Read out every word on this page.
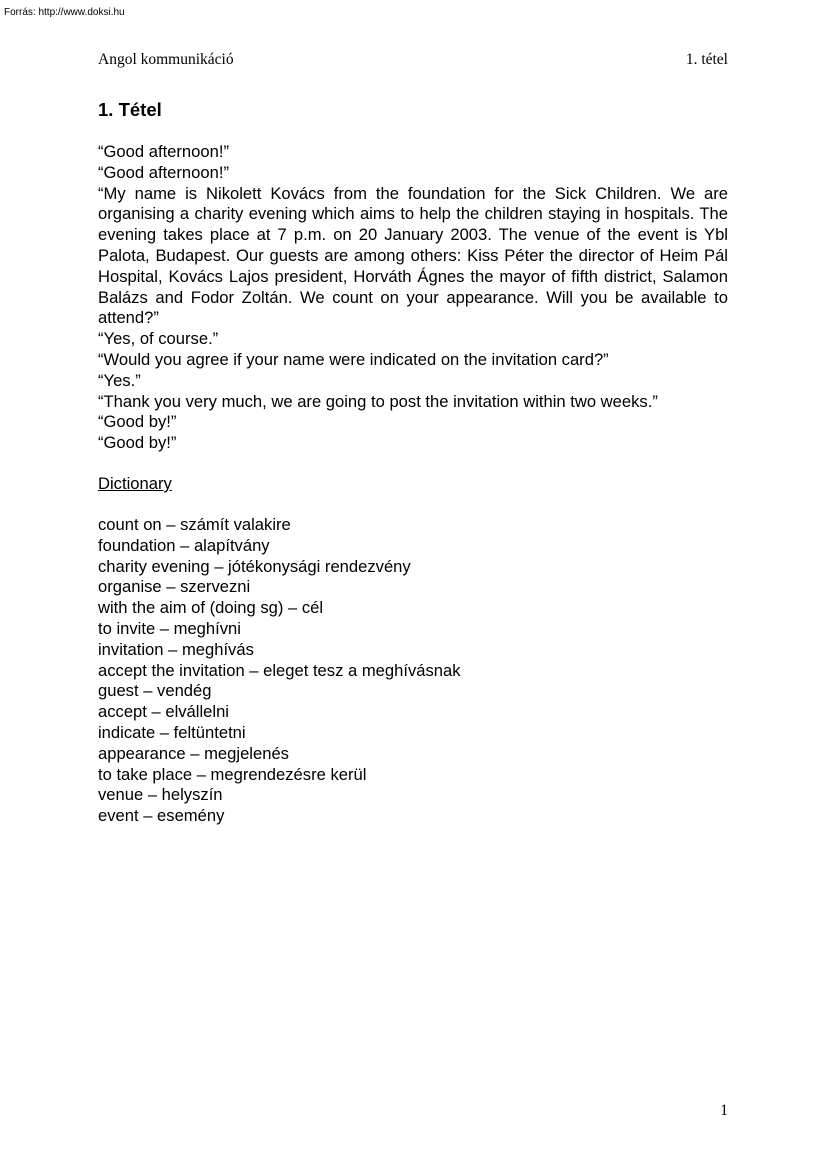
Forrás: http://www.doksi.hu
Angol kommunikáció	1. tétel
1. Tétel
“Good afternoon!”
“Good afternoon!”
“My name is Nikolett Kovács from the foundation for the Sick Children. We are organising a charity evening which aims to help the children staying in hospitals. The evening takes place at 7 p.m. on 20 January 2003. The venue of the event is Ybl Palota, Budapest. Our guests are among others: Kiss Péter the director of Heim Pál Hospital, Kovács Lajos president, Horváth Ágnes the mayor of fifth district, Salamon Balázs and Fodor Zoltán. We count on your appearance. Will you be available to attend?”
“Yes, of course.”
“Would you agree if your name were indicated on the invitation card?”
“Yes.”
“Thank you very much, we are going to post the invitation within two weeks.”
“Good by!”
“Good by!”
Dictionary
count on – számít valakire
foundation – alapítvány
charity evening – jótékonysági rendezvény
organise – szervezni
with the aim of (doing sg) – cél
to invite – meghívni
invitation – meghívás
accept the invitation – eleget tesz a meghívásnak
guest – vendég
accept – elvállelni
indicate – feltüntetni
appearance – megjelenés
to take place – megrendezésre kerül
venue – helyszín
event – esemény
1
